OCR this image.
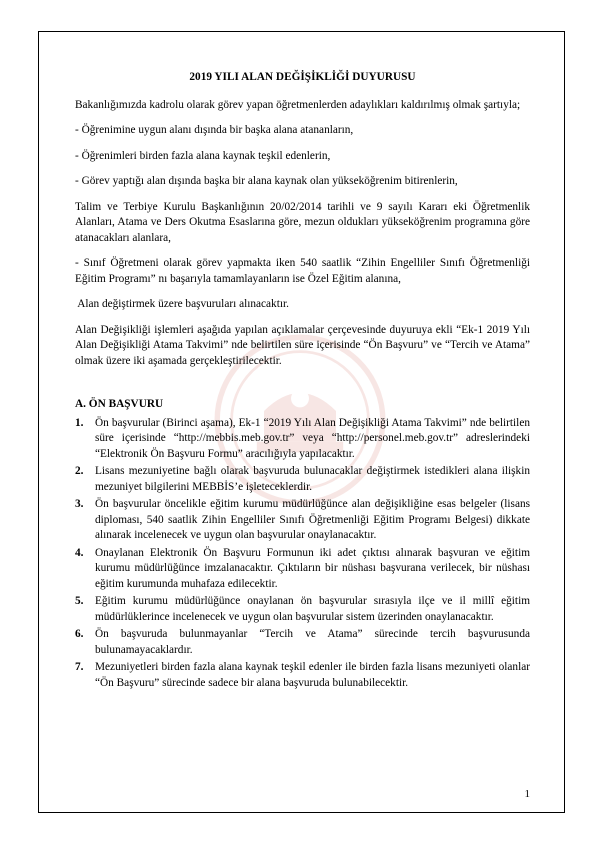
2019 YILI ALAN DEĞİŞİKLİĞİ DUYURUSU

Bakanlığımızda kadrolu olarak görev yapan öğretmenlerden adaylıkları kaldırılmış olmak şartıyla;

- Öğrenimine uygun alanı dışında bir başka alana atananların,

- Öğrenimleri birden fazla alana kaynak teşkil edenlerin,

- Görev yaptığı alan dışında başka bir alana kaynak olan yükseköğrenim bitirenlerin,

Talim ve Terbiye Kurulu Başkanlığının 20/02/2014 tarihli ve 9 sayılı Kararı eki Öğretmenlik Alanları, Atama ve Ders Okutma Esaslarına göre, mezun oldukları yükseköğrenim programına göre atanacakları alanlara,

- Sınıf Öğretmeni olarak görev yapmakta iken 540 saatlik “Zihin Engelliler Sınıfı Öğretmenliği Eğitim Programı” nı başarıyla tamamlayanların ise Özel Eğitim alanına,

Alan değiştirmek üzere başvuruları alınacaktır.

Alan Değişikliği işlemleri aşağıda yapılan açıklamalar çerçevesinde duyuruya ekli “Ek-1 2019 Yılı Alan Değişikliği Atama Takvimi” nde belirtilen süre içerisinde “Ön Başvuru” ve “Tercih ve Atama” olmak üzere iki aşamada gerçekleştirilecektir.

A. ÖN BAŞVURU
1. Ön başvurular (Birinci aşama), Ek-1 “2019 Yılı Alan Değişikliği Atama Takvimi” nde belirtilen süre içerisinde “http://mebbis.meb.gov.tr” veya “http://personel.meb.gov.tr” adreslerindeki “Elektronik Ön Başvuru Formu” aracılığıyla yapılacaktır.
2. Lisans mezuniyetine bağlı olarak başvuruda bulunacaklar değiştirmek istedikleri alana ilişkin mezuniyet bilgilerini MEBBİS’e işleteceklerdir.
3. Ön başvurular öncelikle eğitim kurumu müdürlüğünce alan değişikliğine esas belgeler (lisans diploması, 540 saatlik Zihin Engelliler Sınıfı Öğretmenliği Eğitim Programı Belgesi) dikkate alınarak incelenecek ve uygun olan başvurular onaylanacaktır.
4. Onaylanan Elektronik Ön Başvuru Formunun iki adet çıktısı alınarak başvuran ve eğitim kurumu müdürlüğünce imzalanacaktır. Çıktıların bir nüshası başvurana verilecek, bir nüshası eğitim kurumunda muhafaza edilecektir.
5. Eğitim kurumu müdürlüğünce onaylanan ön başvurular sırasıyla ilçe ve il millî eğitim müdürlüklerince incelenecek ve uygun olan başvurular sistem üzerinden onaylanacaktır.
6. Ön başvuruda bulunmayanlar “Tercih ve Atama” sürecinde tercih başvurusunda bulunamayacaklardır.
7. Mezuniyetleri birden fazla alana kaynak teşkil edenler ile birden fazla lisans mezuniyeti olanlar “Ön Başvuru” sürecinde sadece bir alana başvuruda bulunabilecektir.
1
